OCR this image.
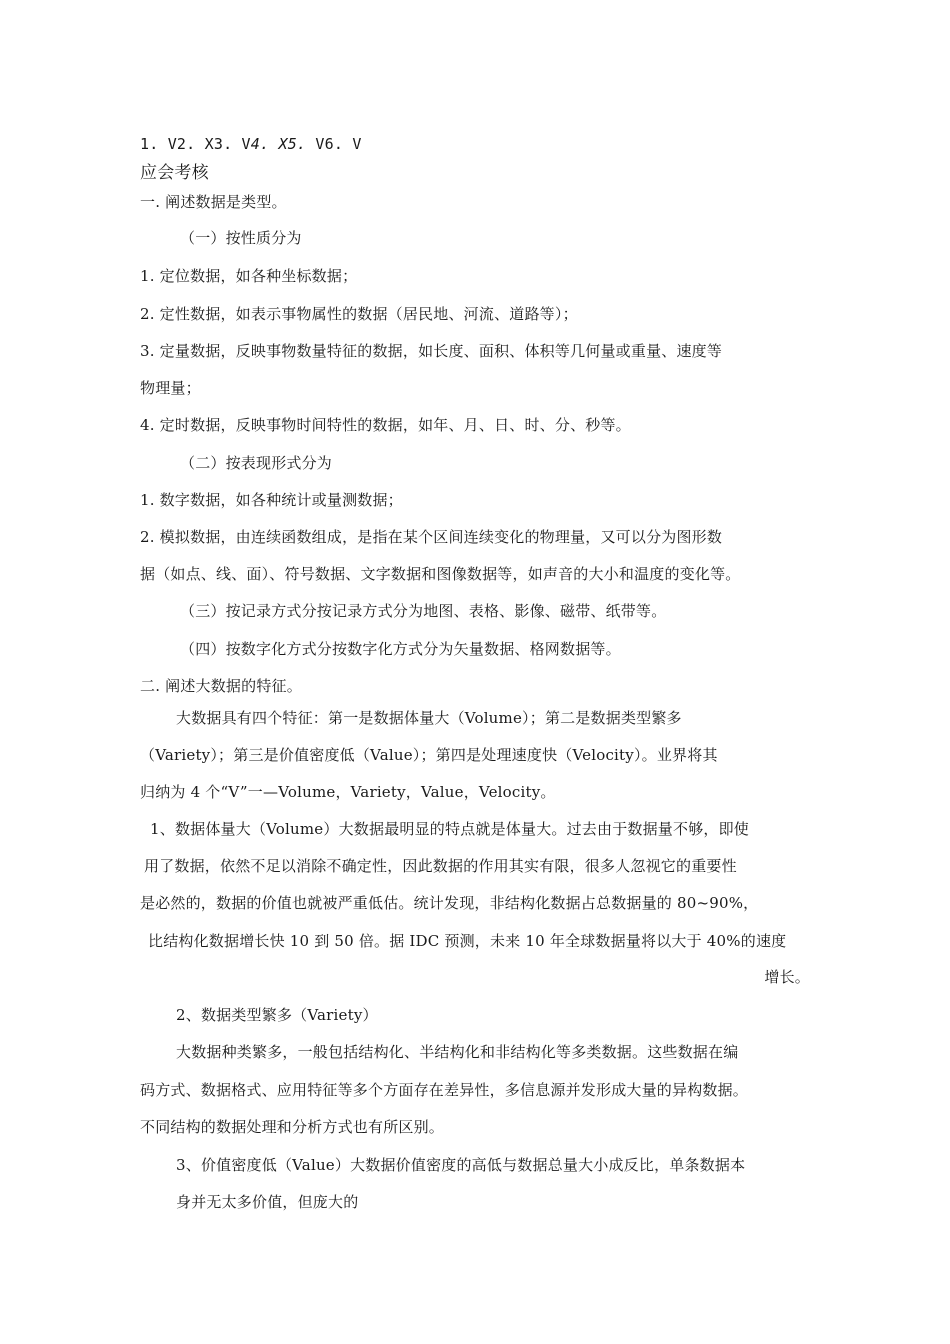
1. V2. X3. V4. X5. V6. V
应会考核
一. 阐述数据是类型。
（一）按性质分为
1. 定位数据，如各种坐标数据；
2. 定性数据，如表示事物属性的数据（居民地、河流、道路等）；
3. 定量数据，反映事物数量特征的数据，如长度、面积、体积等几何量或重量、速度等
物理量；
4. 定时数据，反映事物时间特性的数据，如年、月、日、时、分、秒等。
（二）按表现形式分为
1. 数字数据，如各种统计或量测数据；
2. 模拟数据，由连续函数组成，是指在某个区间连续变化的物理量，又可以分为图形数
据（如点、线、面）、符号数据、文字数据和图像数据等，如声音的大小和温度的变化等。
（三）按记录方式分按记录方式分为地图、表格、影像、磁带、纸带等。
（四）按数字化方式分按数字化方式分为矢量数据、格网数据等。
二. 阐述大数据的特征。
大数据具有四个特征：第一是数据体量大（Volume）；第二是数据类型繁多
（Variety）；第三是价值密度低（Value）；第四是处理速度快（Velocity）。业界将其
归纳为 4 个“V”一—Volume，Variety，Value，Velocity。
1、数据体量大（Volume）大数据最明显的特点就是体量大。过去由于数据量不够，即使
用了数据，依然不足以消除不确定性，因此数据的作用其实有限，很多人忽视它的重要性
是必然的，数据的价值也就被严重低估。统计发现，非结构化数据占总数据量的 80~90%，
比结构化数据增长快 10 到 50 倍。据 IDC 预测，未来 10 年全球数据量将以大于 40%的速度
增长。
2、数据类型繁多（Variety）
大数据种类繁多，一般包括结构化、半结构化和非结构化等多类数据。这些数据在编
码方式、数据格式、应用特征等多个方面存在差异性，多信息源并发形成大量的异构数据。
不同结构的数据处理和分析方式也有所区别。
3、价值密度低（Value）大数据价值密度的高低与数据总量大小成反比，单条数据本
身并无太多价值，但庞大的
